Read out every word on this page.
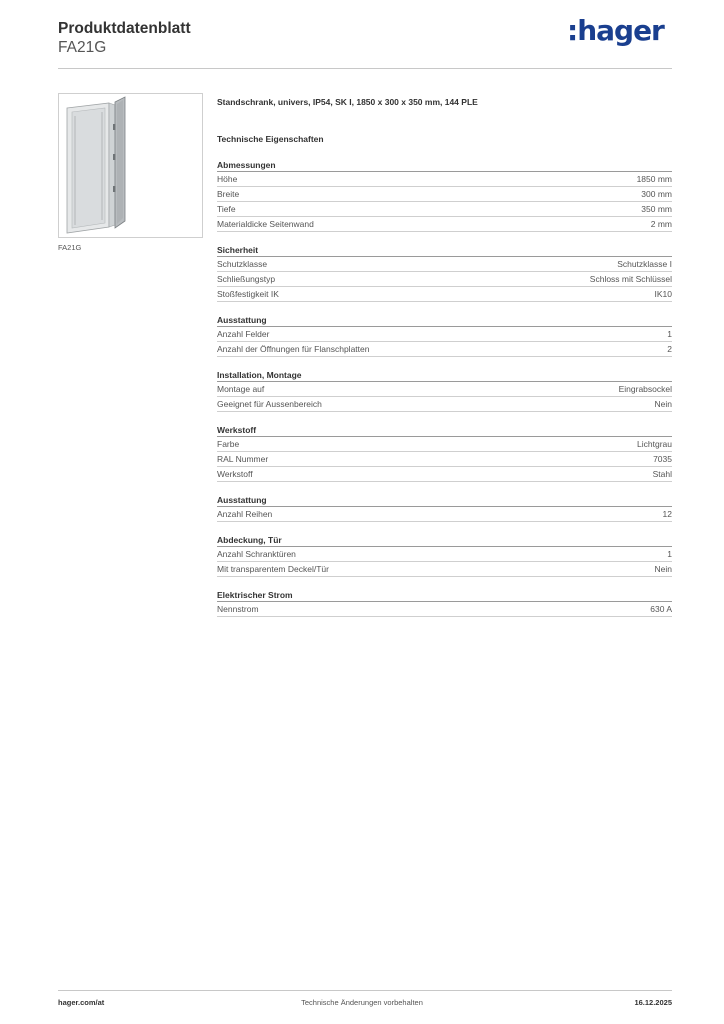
Produktdatenblatt
FA21G
:hager
FA21G
Standschrank, univers, IP54, SK I, 1850 x 300 x 350 mm, 144 PLE
Technische Eigenschaften
Abmessungen
Höhe	1850 mm
Breite	300 mm
Tiefe	350 mm
Materialdicke Seitenwand	2 mm
Sicherheit
Schutzklasse	Schutzklasse I
Schließungstyp	Schloss mit Schlüssel
Stoßfestigkeit IK	IK10
Ausstattung
Anzahl Felder	1
Anzahl der Öffnungen für Flanschplatten	2
Installation, Montage
Montage auf	Eingrabsockel
Geeignet für Aussenbereich	Nein
Werkstoff
Farbe	Lichtgrau
RAL Nummer	7035
Werkstoff	Stahl
Ausstattung
Anzahl Reihen	12
Abdeckung, Tür
Anzahl Schranktüren	1
Mit transparentem Deckel/Tür	Nein
Elektrischer Strom
Nennstrom	630 A
hager.com/at	Technische Änderungen vorbehalten	16.12.2025
